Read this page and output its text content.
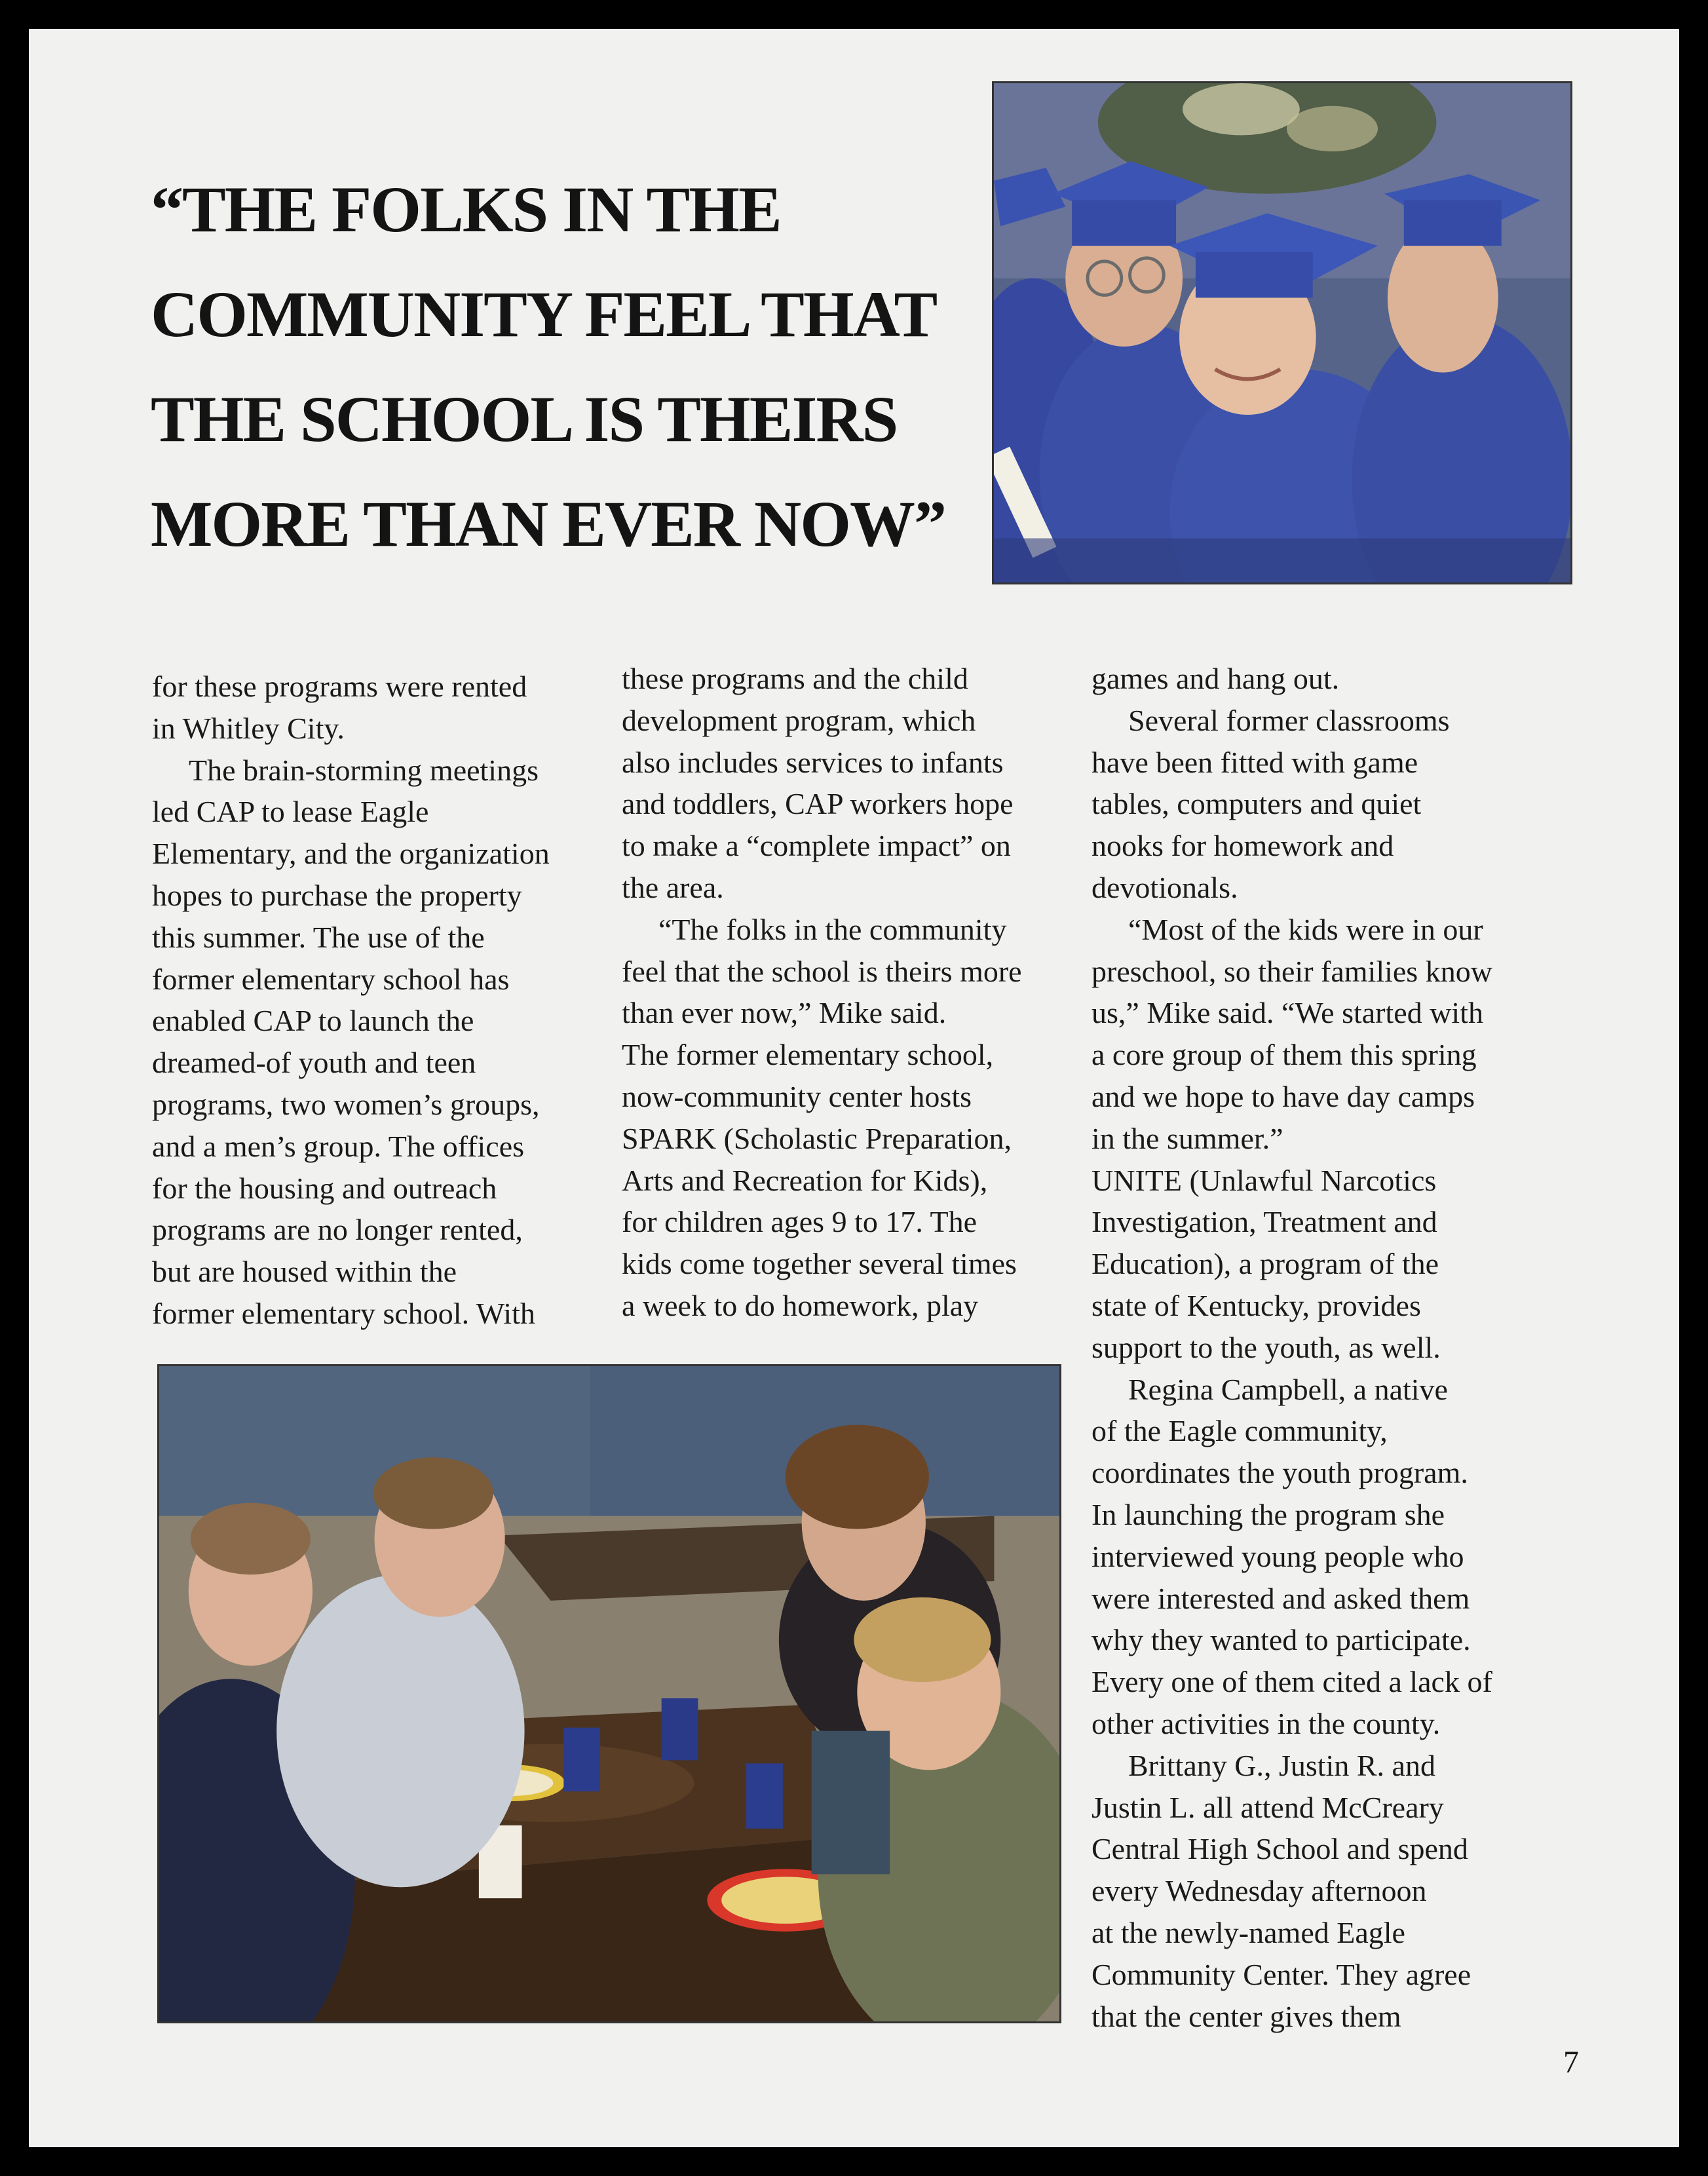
“THE FOLKS IN THE
COMMUNITY FEEL THAT
THE SCHOOL IS THEIRS
MORE THAN EVER NOW”
for these programs were rented
in Whitley City.
The brain-storming meetings
led CAP to lease Eagle
Elementary, and the organization
hopes to purchase the property
this summer. The use of the
former elementary school has
enabled CAP to launch the
dreamed-of youth and teen
programs, two women’s groups,
and a men’s group. The offices
for the housing and outreach
programs are no longer rented,
but are housed within the
former elementary school. With
these programs and the child
development program, which
also includes services to infants
and toddlers, CAP workers hope
to make a “complete impact” on
the area.
“The folks in the community
feel that the school is theirs more
than ever now,” Mike said.
The former elementary school,
now-community center hosts
SPARK (Scholastic Preparation,
Arts and Recreation for Kids),
for children ages 9 to 17. The
kids come together several times
a week to do homework, play
games and hang out.
Several former classrooms
have been fitted with game
tables, computers and quiet
nooks for homework and
devotionals.
“Most of the kids were in our
preschool, so their families know
us,” Mike said. “We started with
a core group of them this spring
and we hope to have day camps
in the summer.”
UNITE (Unlawful Narcotics
Investigation, Treatment and
Education), a program of the
state of Kentucky, provides
support to the youth, as well.
Regina Campbell, a native
of the Eagle community,
coordinates the youth program.
In launching the program she
interviewed young people who
were interested and asked them
why they wanted to participate.
Every one of them cited a lack of
other activities in the county.
Brittany G., Justin R. and
Justin L. all attend McCreary
Central High School and spend
every Wednesday afternoon
at the newly-named Eagle
Community Center. They agree
that the center gives them
7
